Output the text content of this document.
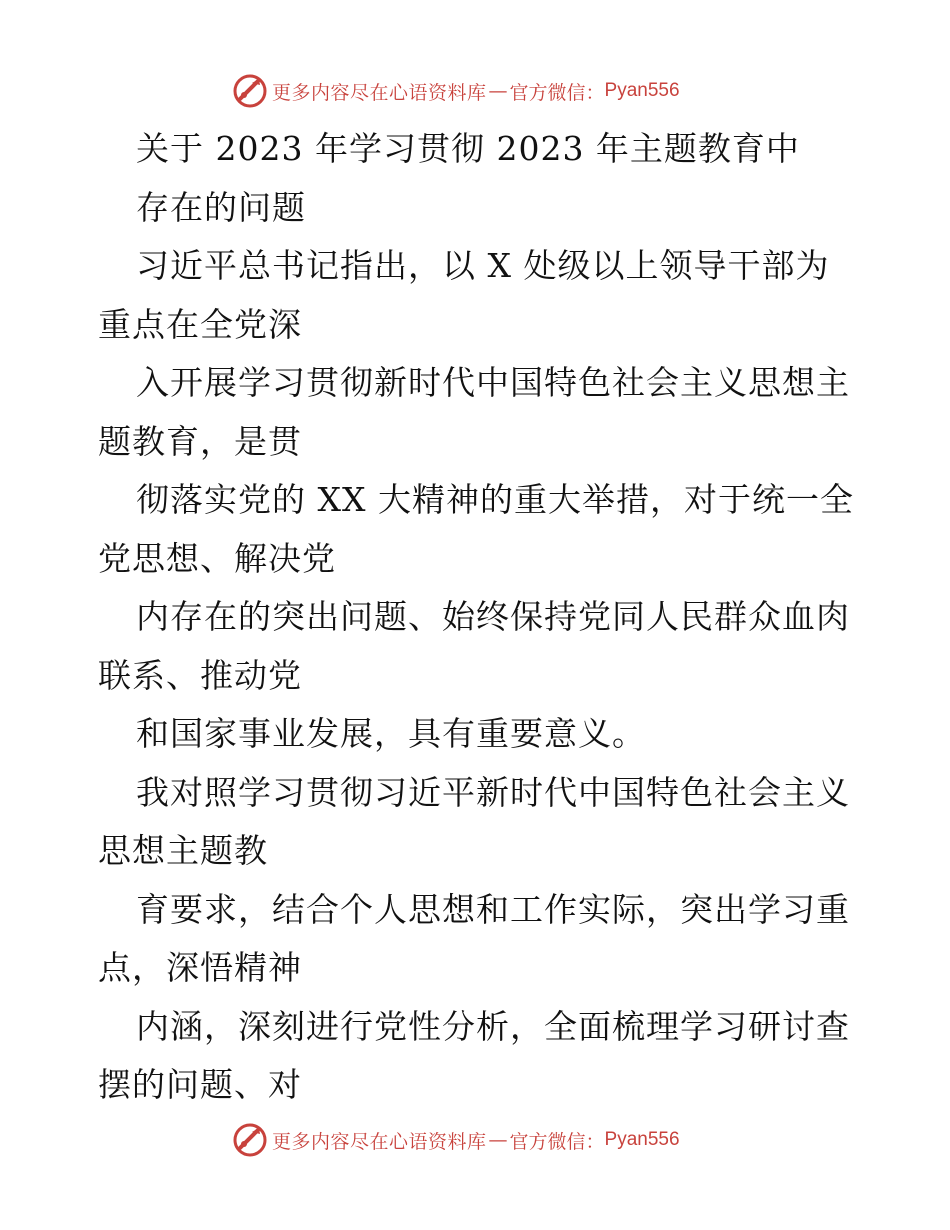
更多内容尽在心语资料库 — 官方微信： Pyan556
关于 2023 年学习贯彻 2023 年主题教育中
存在的问题
习近平总书记指出，以 X 处级以上领导干部为
重点在全党深
入开展学习贯彻新时代中国特色社会主义思想主
题教育，是贯
彻落实党的 XX 大精神的重大举措，对于统一全
党思想、解决党
内存在的突出问题、始终保持党同人民群众血肉
联系、推动党
和国家事业发展，具有重要意义。
我对照学习贯彻习近平新时代中国特色社会主义
思想主题教
育要求，结合个人思想和工作实际，突出学习重
点，深悟精神
内涵，深刻进行党性分析，全面梳理学习研讨查
摆的问题、对
更多内容尽在心语资料库 — 官方微信： Pyan556
